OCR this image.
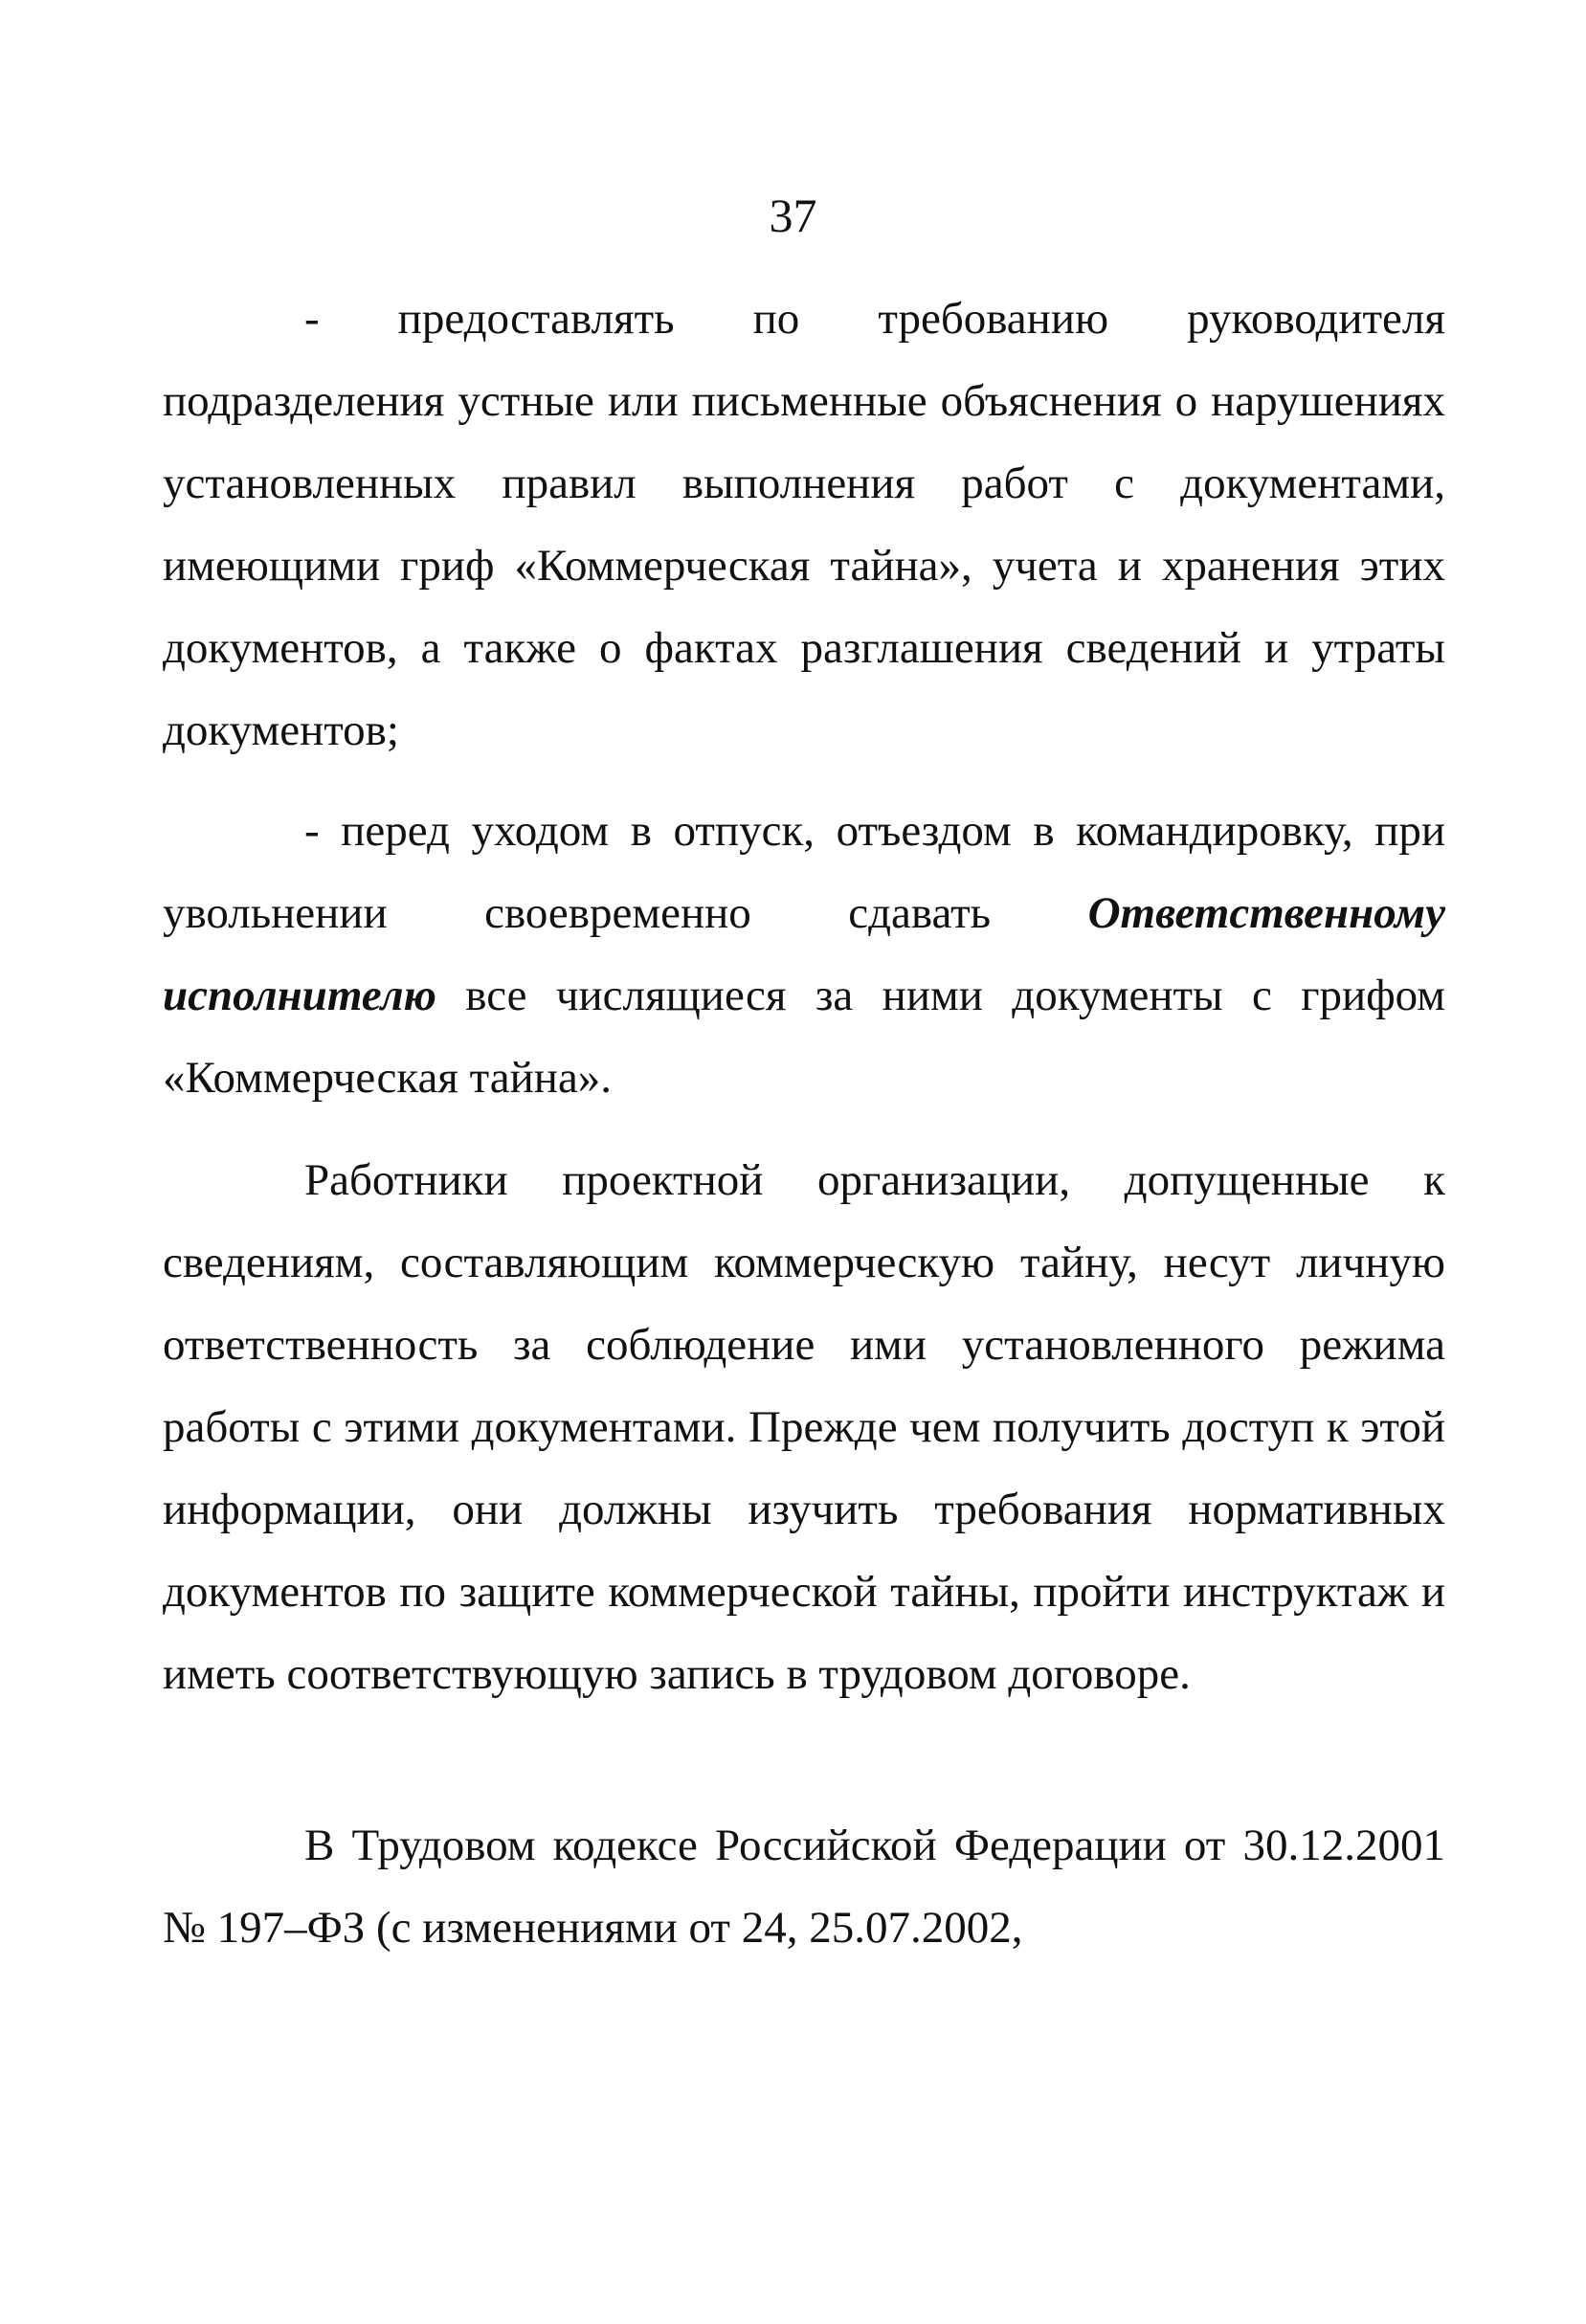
37

- предоставлять по требованию руководителя подразделения устные или письменные объяснения о нарушениях установленных правил выполнения работ с документами, имеющими гриф «Коммерческая тайна», учета и хранения этих документов, а также о фактах разглашения сведений и утраты документов;

- перед уходом в отпуск, отъездом в командировку, при увольнении своевременно сдавать Ответственному исполнителю все числящиеся за ними документы с грифом «Коммерческая тайна».

Работники проектной организации, допущенные к сведениям, составляющим коммерческую тайну, несут личную ответственность за соблюдение ими установленного режима работы с этими документами. Прежде чем получить доступ к этой информации, они должны изучить требования нормативных документов по защите коммерческой тайны, пройти инструктаж и иметь соответствующую запись в трудовом договоре.

В Трудовом кодексе Российской Федерации от 30.12.2001 № 197–ФЗ (с изменениями от 24, 25.07.2002,
